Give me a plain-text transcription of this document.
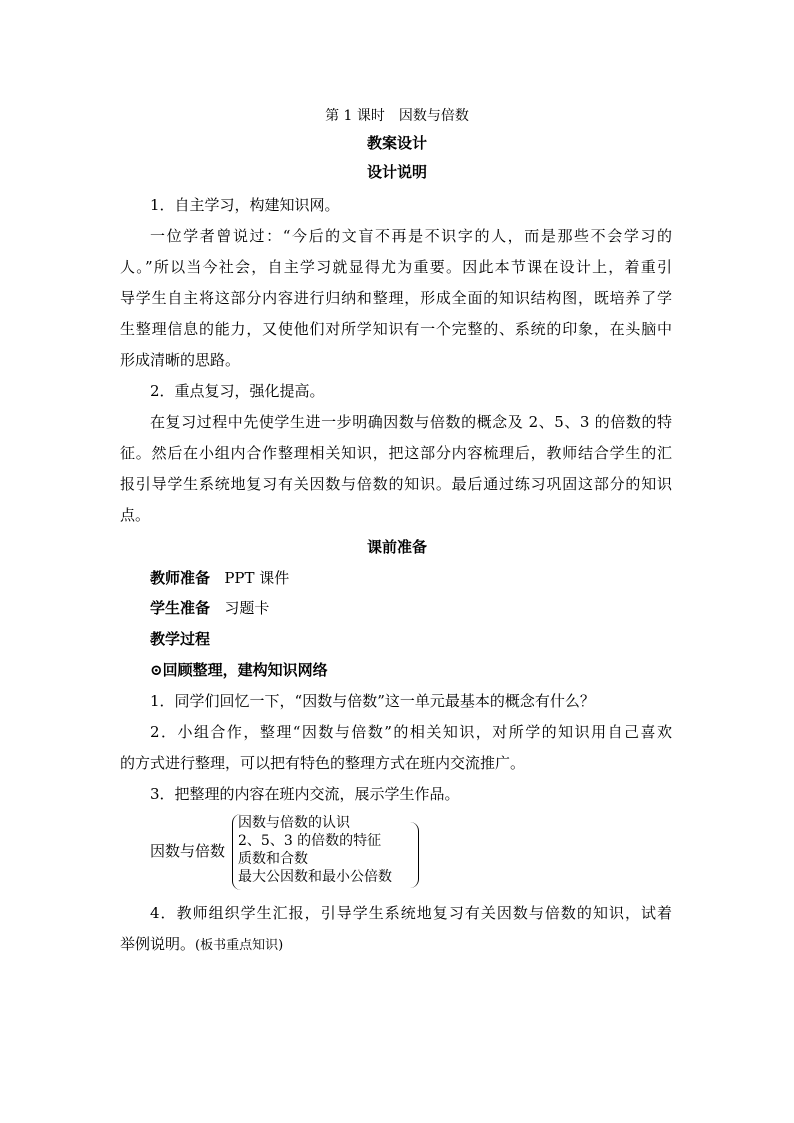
第 1 课时　因数与倍数
教案设计
设计说明
1．自主学习，构建知识网。
一位学者曾说过：“今后的文盲不再是不识字的人，而是那些不会学习的
人。”所以当今社会，自主学习就显得尤为重要。因此本节课在设计上，着重引
导学生自主将这部分内容进行归纳和整理，形成全面的知识结构图，既培养了学
生整理信息的能力，又使他们对所学知识有一个完整的、系统的印象，在头脑中
形成清晰的思路。
2．重点复习，强化提高。
在复习过程中先使学生进一步明确因数与倍数的概念及 2、5、3 的倍数的特
征。然后在小组内合作整理相关知识，把这部分内容梳理后，教师结合学生的汇
报引导学生系统地复习有关因数与倍数的知识。最后通过练习巩固这部分的知识
点。
课前准备
教师准备 PPT 课件
学生准备 习题卡
教学过程
⊙回顾整理，建构知识网络
1．同学们回忆一下，“因数与倍数”这一单元最基本的概念有什么？
2．小组合作，整理“因数与倍数”的相关知识，对所学的知识用自己喜欢
的方式进行整理，可以把有特色的整理方式在班内交流推广。
3．把整理的内容在班内交流，展示学生作品。
因数与倍数
因数与倍数的认识
2、5、3 的倍数的特征
质数和合数
最大公因数和最小公倍数
4．教师组织学生汇报，引导学生系统地复习有关因数与倍数的知识，试着
举例说明。(板书重点知识)
